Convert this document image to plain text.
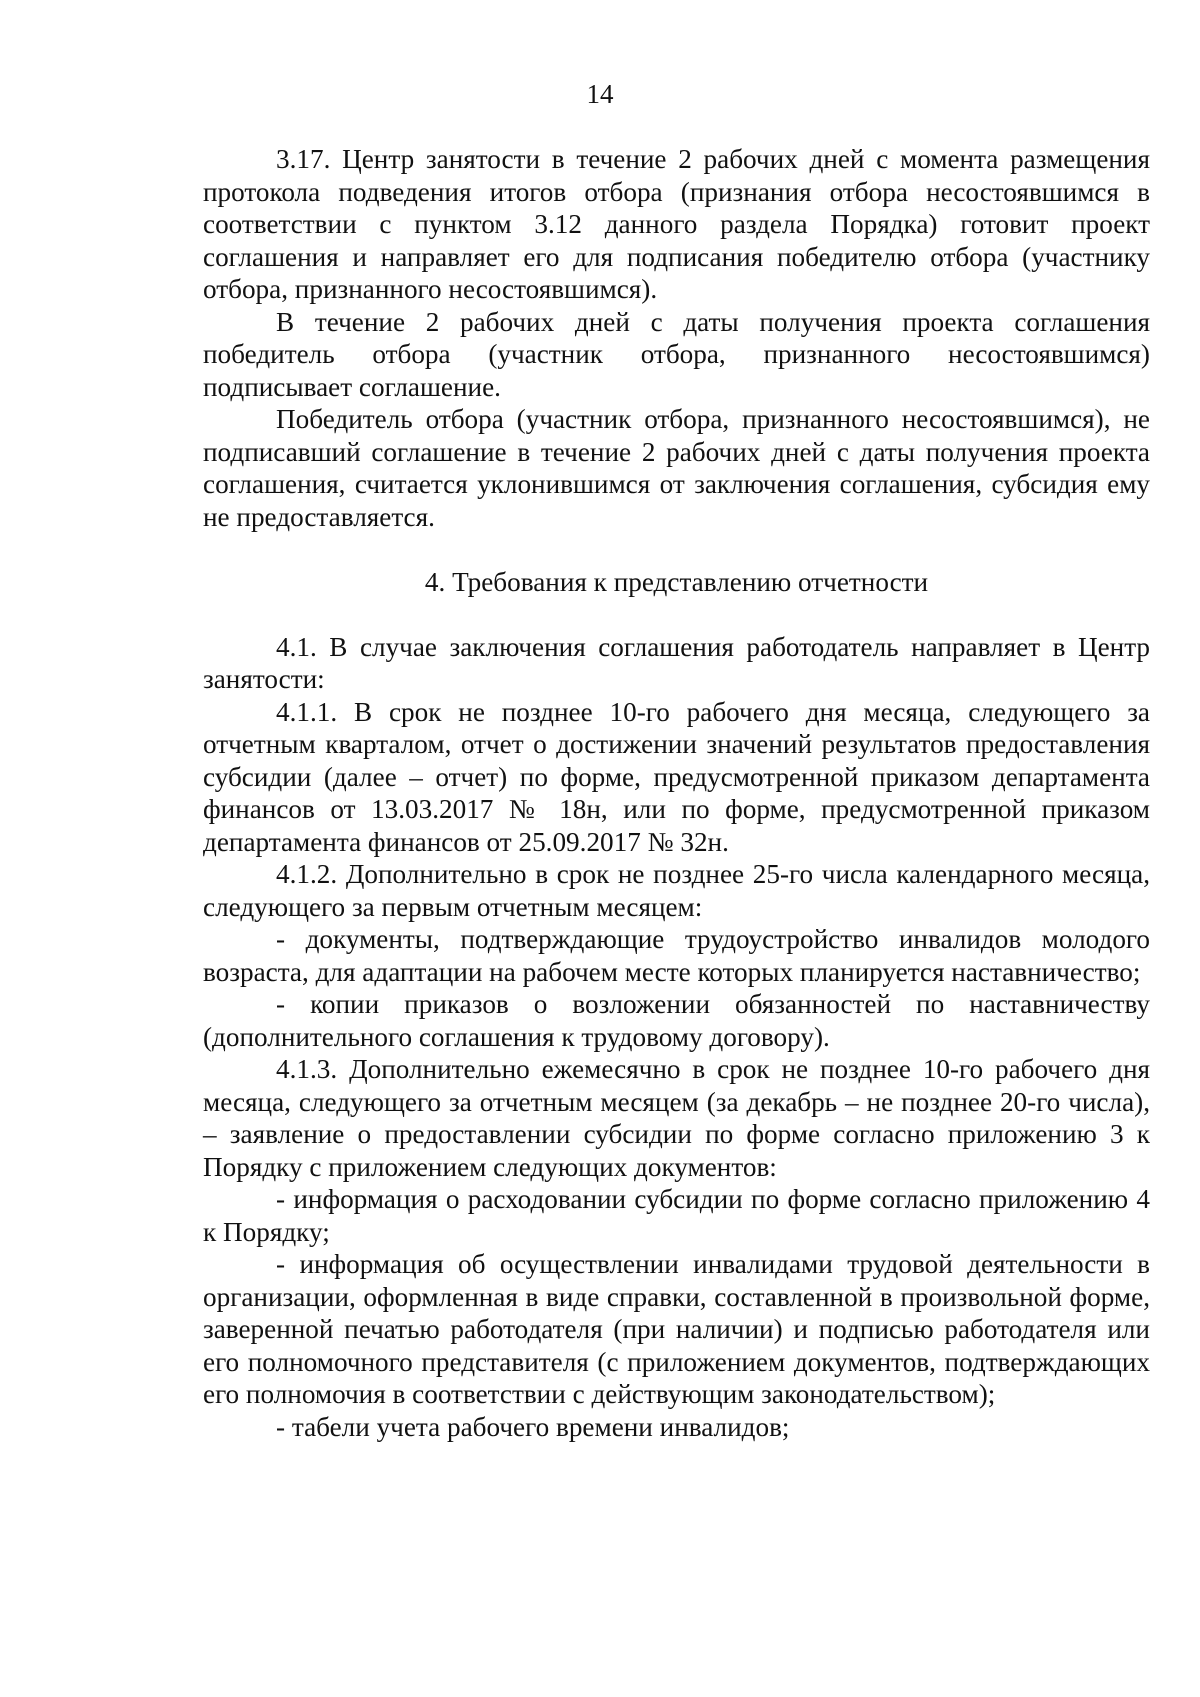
14

3.17. Центр занятости в течение 2 рабочих дней с момента размещения протокола подведения итогов отбора (признания отбора несостоявшимся в соответствии с пунктом 3.12 данного раздела Порядка) готовит проект соглашения и направляет его для подписания победителю отбора (участнику отбора, признанного несостоявшимся).

В течение 2 рабочих дней с даты получения проекта соглашения победитель отбора (участник отбора, признанного несостоявшимся) подписывает соглашение.

Победитель отбора (участник отбора, признанного несостоявшимся), не подписавший соглашение в течение 2 рабочих дней с даты получения проекта соглашения, считается уклонившимся от заключения соглашения, субсидия ему не предоставляется.

4. Требования к представлению отчетности

4.1. В случае заключения соглашения работодатель направляет в Центр занятости:

4.1.1. В срок не позднее 10-го рабочего дня месяца, следующего за отчетным кварталом, отчет о достижении значений результатов предоставления субсидии (далее – отчет) по форме, предусмотренной приказом департамента финансов от 13.03.2017 № 18н, или по форме, предусмотренной приказом департамента финансов от 25.09.2017 № 32н.

4.1.2. Дополнительно в срок не позднее 25-го числа календарного месяца, следующего за первым отчетным месяцем:

- документы, подтверждающие трудоустройство инвалидов молодого возраста, для адаптации на рабочем месте которых планируется наставничество;

- копии приказов о возложении обязанностей по наставничеству (дополнительного соглашения к трудовому договору).

4.1.3. Дополнительно ежемесячно в срок не позднее 10-го рабочего дня месяца, следующего за отчетным месяцем (за декабрь – не позднее 20-го числа), – заявление о предоставлении субсидии по форме согласно приложению 3 к Порядку с приложением следующих документов:

- информация о расходовании субсидии по форме согласно приложению 4 к Порядку;

- информация об осуществлении инвалидами трудовой деятельности в организации, оформленная в виде справки, составленной в произвольной форме, заверенной печатью работодателя (при наличии) и подписью работодателя или его полномочного представителя (с приложением документов, подтверждающих его полномочия в соответствии с действующим законодательством);

- табели учета рабочего времени инвалидов;
